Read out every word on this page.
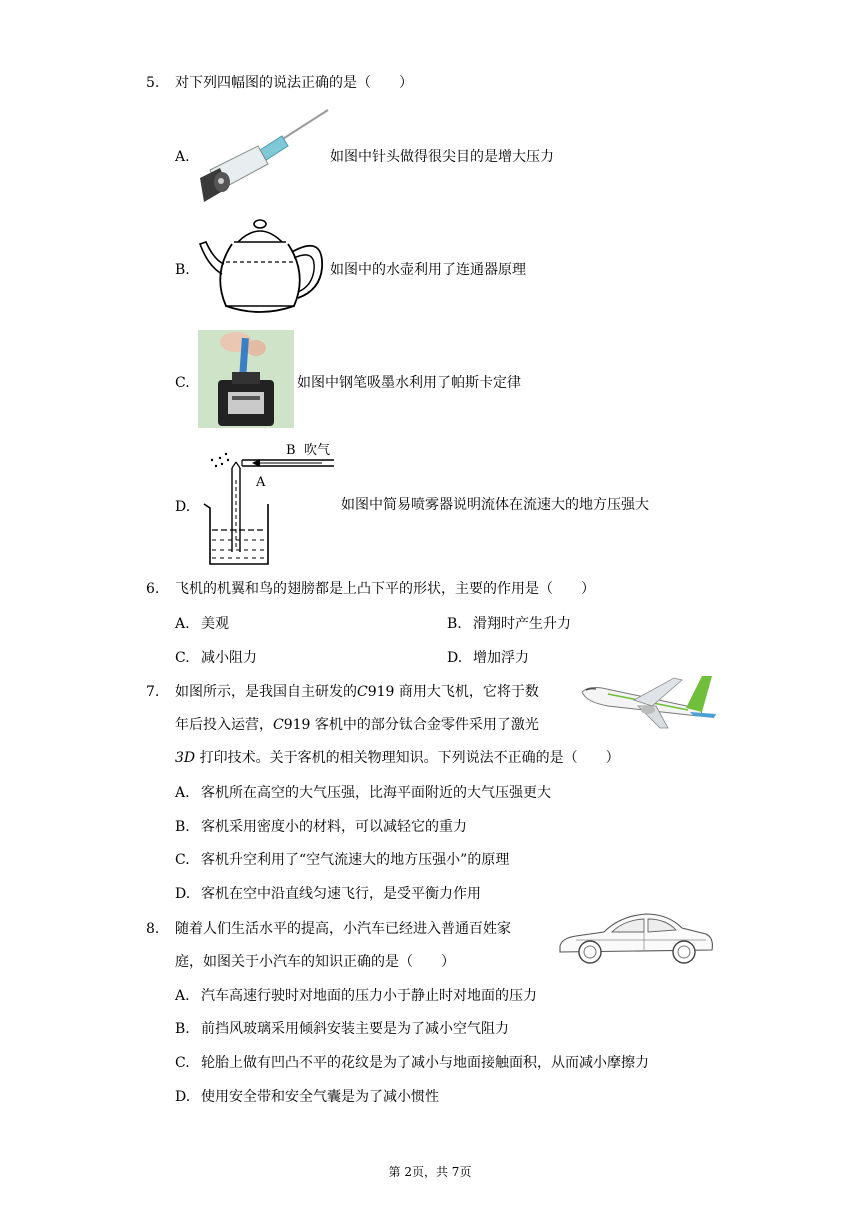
5. 对下列四幅图的说法正确的是（　　）
A.	如图中针头做得很尖目的是增大压力
B.	如图中的水壶利用了连通器原理
C.	如图中钢笔吸墨水利用了帕斯卡定律
D.
B 吹气
A
如图中简易喷雾器说明流体在流速大的地方压强大
6. 飞机的机翼和鸟的翅膀都是上凸下平的形状，主要的作用是（　　）
A. 美观	B. 滑翔时产生升力
C. 减小阻力	D. 增加浮力
7. 如图所示，是我国自主研发的C919 商用大飞机，它将于数
年后投入运营，C919 客机中的部分钛合金零件采用了激光
3D 打印技术。关于客机的相关物理知识。下列说法不正确的是（　　）
A. 客机所在高空的大气压强，比海平面附近的大气压强更大
B. 客机采用密度小的材料，可以减轻它的重力
C. 客机升空利用了“空气流速大的地方压强小”的原理
D. 客机在空中沿直线匀速飞行，是受平衡力作用
8. 随着人们生活水平的提高，小汽车已经进入普通百姓家
庭，如图关于小汽车的知识正确的是（　　）
A. 汽车高速行驶时对地面的压力小于静止时对地面的压力
B. 前挡风玻璃采用倾斜安装主要是为了减小空气阻力
C. 轮胎上做有凹凸不平的花纹是为了减小与地面接触面积，从而减小摩擦力
D. 使用安全带和安全气囊是为了减小惯性
第 2页，共 7页
